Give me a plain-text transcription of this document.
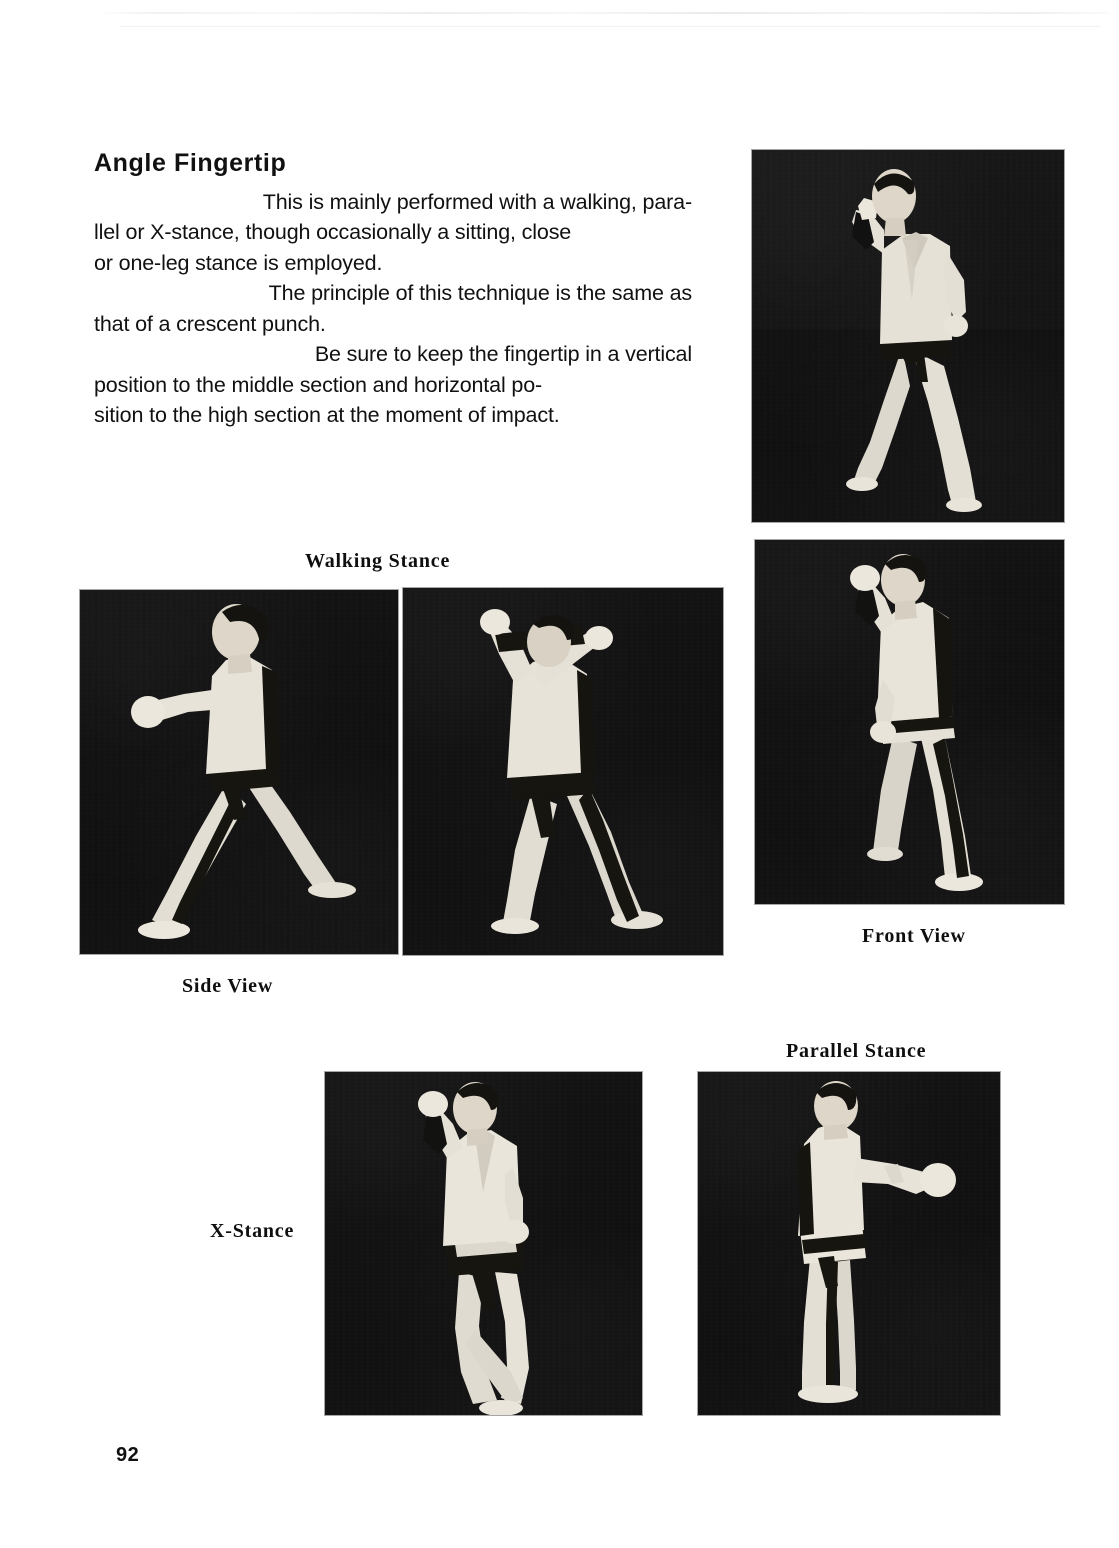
Angle Fingertip

This is mainly performed with a walking, para-
llel or X-stance, though occasionally a sitting, close
or one-leg stance is employed.

The principle of this technique is the same as
that of a crescent punch.

Be sure to keep the fingertip in a vertical
position to the middle section and horizontal po-
sition to the high section at the moment of impact.

Walking Stance
Front View
Side View
Parallel Stance
X-Stance
92
